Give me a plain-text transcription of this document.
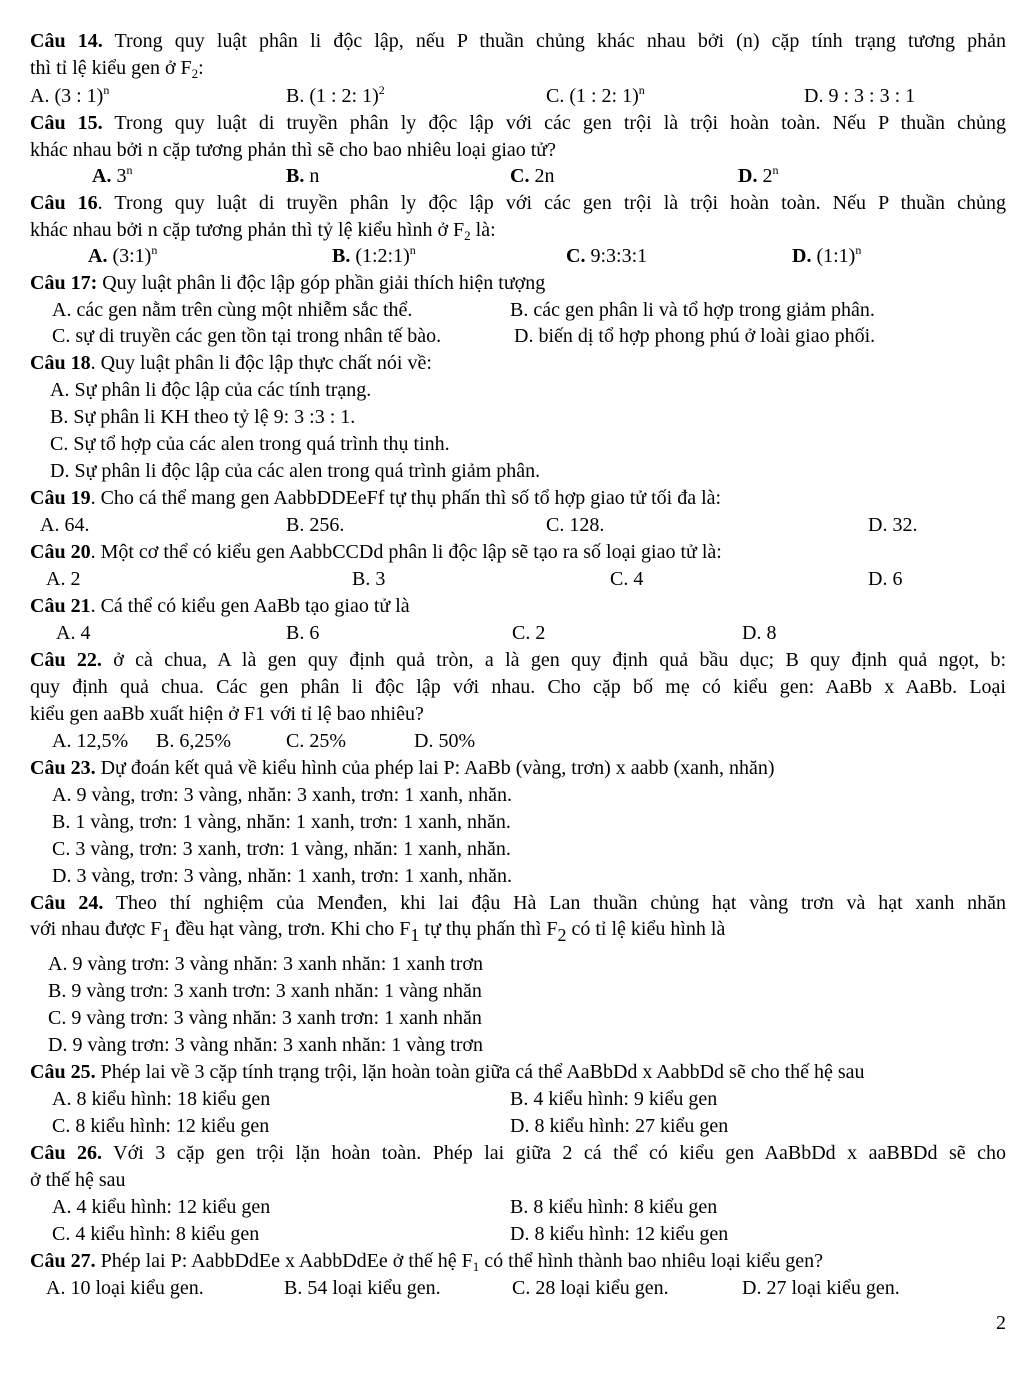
Câu 14. Trong quy luật phân li độc lập, nếu P thuần chủng khác nhau bởi (n) cặp tính trạng tương phản
thì tỉ lệ kiểu gen ở $F_2$:
A. (3 : 1)$^n$	B. (1 : 2: 1)$^2$	C. (1 : 2: 1)$^n$	D. 9 : 3 : 3 : 1
Câu 15. Trong quy luật di truyền phân ly độc lập với các gen trội là trội hoàn toàn. Nếu P thuần chủng
khác nhau bởi n cặp tương phản thì sẽ cho bao nhiêu loại giao tử?
A. 3$^n$	B. n	C. 2n	D. 2$^n$
Câu 16. Trong quy luật di truyền phân ly độc lập với các gen trội là trội hoàn toàn. Nếu P thuần chủng
khác nhau bởi n cặp tương phản thì tỷ lệ kiểu hình ở $F_2$ là:
A. (3:1)$^n$	B. (1:2:1)$^n$	C. 9:3:3:1	D. (1:1)$^n$
Câu 17: Quy luật phân li độc lập góp phần giải thích hiện tượng
A. các gen nằm trên cùng một nhiễm sắc thể.	B. các gen phân li và tổ hợp trong giảm phân.
C. sự di truyền các gen tồn tại trong nhân tế bào.	D. biến dị tổ hợp phong phú ở loài giao phối.
Câu 18. Quy luật phân li độc lập thực chất nói về:
A. Sự phân li độc lập của các tính trạng.
B. Sự phân li KH theo tỷ lệ 9: 3 :3 : 1.
C. Sự tổ hợp của các alen trong quá trình thụ tinh.
D. Sự phân li độc lập của các alen trong quá trình giảm phân.
Câu 19. Cho cá thể mang gen AabbDDEeFf tự thụ phấn thì số tổ hợp giao tử tối đa là:
A. 64.	B. 256.	C. 128.	D. 32.
Câu 20. Một cơ thể có kiểu gen AabbCCDd phân li độc lập sẽ tạo ra số loại giao tử là:
A. 2	B. 3	C. 4	D. 6
Câu 21. Cá thể có kiểu gen AaBb tạo giao tử là
A. 4	B. 6	C. 2	D. 8
Câu 22. ở cà chua, A là gen quy định quả tròn, a là gen quy định quả bầu dục; B quy định quả ngọt, b:
quy định quả chua. Các gen phân li độc lập với nhau. Cho cặp bố mẹ có kiểu gen: AaBb x AaBb. Loại
kiểu gen aaBb xuất hiện ở F1 với tỉ lệ bao nhiêu?
A. 12,5% B. 6,25%	C. 25%	D. 50%
Câu 23. Dự đoán kết quả về kiểu hình của phép lai P: AaBb (vàng, trơn) x aabb (xanh, nhăn)
A. 9 vàng, trơn: 3 vàng, nhăn: 3 xanh, trơn: 1 xanh, nhăn.
B. 1 vàng, trơn: 1 vàng, nhăn: 1 xanh, trơn: 1 xanh, nhăn.
C. 3 vàng, trơn: 3 xanh, trơn: 1 vàng, nhăn: 1 xanh, nhăn.
D. 3 vàng, trơn: 3 vàng, nhăn: 1 xanh, trơn: 1 xanh, nhăn.
Câu 24. Theo thí nghiệm của Menđen, khi lai đậu Hà Lan thuần chủng hạt vàng trơn và hạt xanh nhăn
với nhau được F1 đều hạt vàng, trơn. Khi cho F1 tự thụ phấn thì F2 có tỉ lệ kiểu hình là
A. 9 vàng trơn: 3 vàng nhăn: 3 xanh nhăn: 1 xanh trơn
B. 9 vàng trơn: 3 xanh trơn: 3 xanh nhăn: 1 vàng nhăn
C. 9 vàng trơn: 3 vàng nhăn: 3 xanh trơn: 1 xanh nhăn
D. 9 vàng trơn: 3 vàng nhăn: 3 xanh nhăn: 1 vàng trơn
Câu 25. Phép lai về 3 cặp tính trạng trội, lặn hoàn toàn giữa cá thể AaBbDd x AabbDd sẽ cho thế hệ sau
A. 8 kiểu hình: 18 kiểu gen	B. 4 kiểu hình: 9 kiểu gen
C. 8 kiểu hình: 12 kiểu gen	D. 8 kiểu hình: 27 kiểu gen
Câu 26. Với 3 cặp gen trội lặn hoàn toàn. Phép lai giữa 2 cá thể có kiểu gen AaBbDd x aaBBDd sẽ cho
ở thế hệ sau
A. 4 kiểu hình: 12 kiểu gen	B. 8 kiểu hình: 8 kiểu gen
C. 4 kiểu hình: 8 kiểu gen	D. 8 kiểu hình: 12 kiểu gen
Câu 27. Phép lai P: AabbDdEe x AabbDdEe ở thế hệ $F_1$ có thể hình thành bao nhiêu loại kiểu gen?
A. 10 loại kiểu gen.	B. 54 loại kiểu gen.	C. 28 loại kiểu gen.	D. 27 loại kiểu gen.
2
